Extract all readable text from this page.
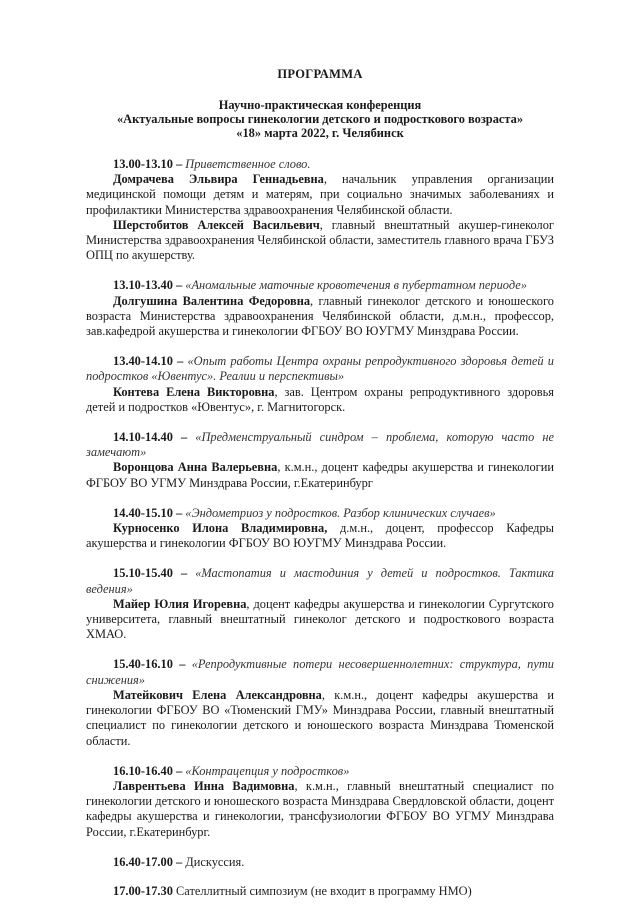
ПРОГРАММА
Научно-практическая конференция
«Актуальные вопросы гинекологии детского и подросткового возраста»
«18» марта 2022, г. Челябинск
13.00-13.10 – Приветственное слово.
Домрачева Эльвира Геннадьевна, начальник управления организации медицинской помощи детям и матерям, при социально значимых заболеваниях и профилактики Министерства здравоохранения Челябинской области.
Шерстобитов Алексей Васильевич, главный внештатный акушер-гинеколог Министерства здравоохранения Челябинской области, заместитель главного врача ГБУЗ ОПЦ по акушерству.
13.10-13.40 – «Аномальные маточные кровотечения в пубертатном периоде»
Долгушина Валентина Федоровна, главный гинеколог детского и юношеского возраста Министерства здравоохранения Челябинской области, д.м.н., профессор, зав.кафедрой акушерства и гинекологии ФГБОУ ВО ЮУГМУ Минздрава России.
13.40-14.10 – «Опыт работы Центра охраны репродуктивного здоровья детей и подростков «Ювентус». Реалии и перспективы»
Контева Елена Викторовна, зав. Центром охраны репродуктивного здоровья детей и подростков «Ювентус», г. Магнитогорск.
14.10-14.40 – «Предменструальный синдром – проблема, которую часто не замечают»
Воронцова Анна Валерьевна, к.м.н., доцент кафедры акушерства и гинекологии ФГБОУ ВО УГМУ Минздрава России, г.Екатеринбург
14.40-15.10 – «Эндометриоз у подростков. Разбор клинических случаев»
Курносенко Илона Владимировна, д.м.н., доцент, профессор Кафедры акушерства и гинекологии ФГБОУ ВО ЮУГМУ Минздрава России.
15.10-15.40 – «Мастопатия и мастодиния у детей и подростков. Тактика ведения»
Майер Юлия Игоревна, доцент кафедры акушерства и гинекологии Сургутского университета, главный внештатный гинеколог детского и подросткового возраста ХМАО.
15.40-16.10 – «Репродуктивные потери несовершеннолетних: структура, пути снижения»
Матейкович Елена Александровна, к.м.н., доцент кафедры акушерства и гинекологии ФГБОУ ВО «Тюменский ГМУ» Минздрава России, главный внештатный специалист по гинекологии детского и юношеского возраста Минздрава Тюменской области.
16.10-16.40 – «Контрацепция у подростков»
Лаврентьева Инна Вадимовна, к.м.н., главный внештатный специалист по гинекологии детского и юношеского возраста Минздрава Свердловской области, доцент кафедры акушерства и гинекологии, трансфузиологии ФГБОУ ВО УГМУ Минздрава России, г.Екатеринбург.
16.40-17.00 – Дискуссия.
17.00-17.30 Сателлитный симпозиум (не входит в программу НМО)
